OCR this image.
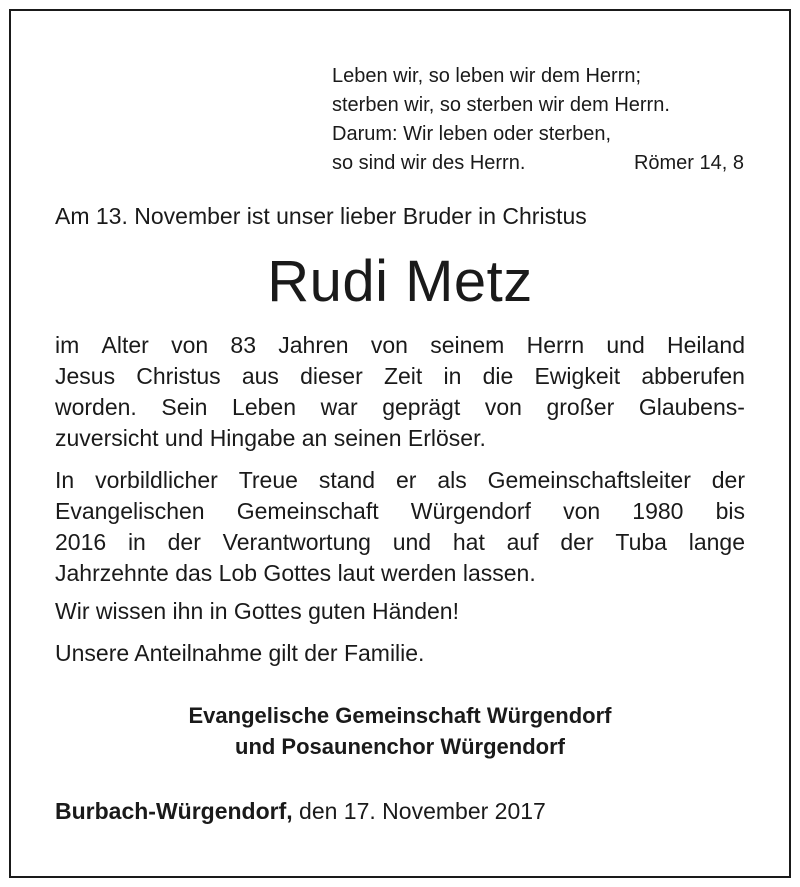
Leben wir, so leben wir dem Herrn;
sterben wir, so sterben wir dem Herrn.
Darum: Wir leben oder sterben,
so sind wir des Herrn.	Römer 14, 8
Am 13. November ist unser lieber Bruder in Christus
Rudi Metz
im Alter von 83 Jahren von seinem Herrn und Heiland
Jesus Christus aus dieser Zeit in die Ewigkeit abberufen
worden. Sein Leben war geprägt von großer Glaubens-
zuversicht und Hingabe an seinen Erlöser.
In vorbildlicher Treue stand er als Gemeinschaftsleiter der
Evangelischen Gemeinschaft Würgendorf von 1980 bis
2016 in der Verantwortung und hat auf der Tuba lange
Jahrzehnte das Lob Gottes laut werden lassen.
Wir wissen ihn in Gottes guten Händen!
Unsere Anteilnahme gilt der Familie.
Evangelische Gemeinschaft Würgendorf
und Posaunenchor Würgendorf
Burbach-Würgendorf, den 17. November 2017
